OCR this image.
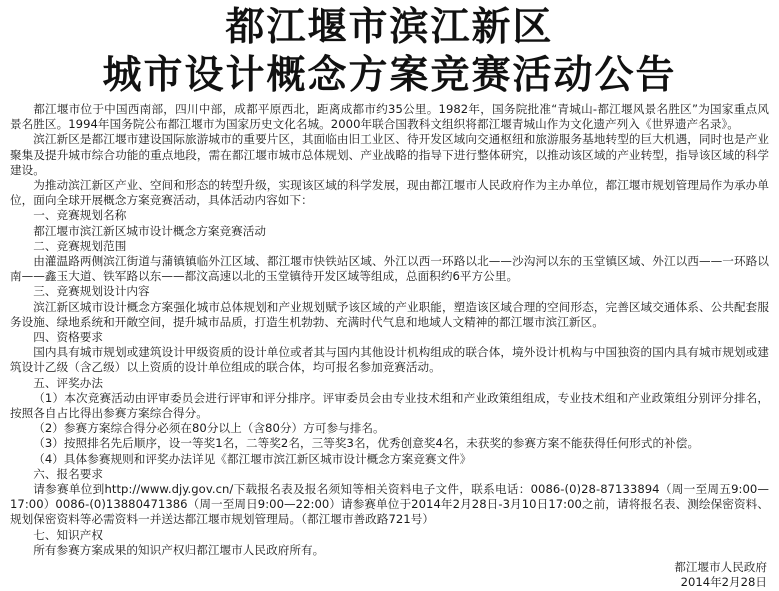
都江堰市滨江新区
城市设计概念方案竞赛活动公告

都江堰市位于中国西南部，四川中部，成都平原西北，距离成都市约35公里。1982年，国务院批准“青城山-都江堰风景名胜区”为国家重点风景名胜区。1994年国务院公布都江堰市为国家历史文化名城。2000年联合国教科文组织将都江堰青城山作为文化遗产列入《世界遗产名录》。

滨江新区是都江堰市建设国际旅游城市的重要片区，其面临由旧工业区、待开发区域向交通枢纽和旅游服务基地转型的巨大机遇，同时也是产业聚集及提升城市综合功能的重点地段，需在都江堰市城市总体规划、产业战略的指导下进行整体研究，以推动该区域的产业转型，指导该区域的科学建设。

为推动滨江新区产业、空间和形态的转型升级，实现该区域的科学发展，现由都江堰市人民政府作为主办单位，都江堰市规划管理局作为承办单位，面向全球开展概念方案竞赛活动，具体活动内容如下：

一、竞赛规划名称

都江堰市滨江新区城市设计概念方案竞赛活动

二、竞赛规划范围

由灌温路两侧滨江街道与蒲镇镇临外江区域、都江堰市快铁站区域、外江以西一环路以北——沙沟河以东的玉堂镇区域、外江以西——一环路以南——鑫玉大道、铁军路以东——都汶高速以北的玉堂镇待开发区域等组成，总面积约6平方公里。

三、竞赛规划设计内容

滨江新区城市设计概念方案强化城市总体规划和产业规划赋予该区域的产业职能，塑造该区域合理的空间形态，完善区域交通体系、公共配套服务设施、绿地系统和开敞空间，提升城市品质，打造生机勃勃、充满时代气息和地域人文精神的都江堰市滨江新区。

四、资格要求

国内具有城市规划或建筑设计甲级资质的设计单位或者其与国内其他设计机构组成的联合体，境外设计机构与中国独资的国内具有城市规划或建筑设计乙级（含乙级）以上资质的设计单位组成的联合体，均可报名参加竞赛活动。

五、评奖办法

（1）本次竞赛活动由评审委员会进行评审和评分排序。评审委员会由专业技术组和产业政策组组成，专业技术组和产业政策组分别评分排名，按照各自占比得出参赛方案综合得分。

（2）参赛方案综合得分必须在80分以上（含80分）方可参与排名。

（3）按照排名先后顺序，设一等奖1名，二等奖2名，三等奖3名，优秀创意奖4名，未获奖的参赛方案不能获得任何形式的补偿。

（4）具体参赛规则和评奖办法详见《都江堰市滨江新区城市设计概念方案竞赛文件》

六、报名要求

请参赛单位到http://www.djy.gov.cn/下载报名表及报名须知等相关资料电子文件，联系电话：0086-(0)28-87133894（周一至周五9:00—17:00）0086-(0)13880471386（周一至周日9:00—22:00）请参赛单位于2014年2月28日-3月10日17:00之前，请将报名表、测绘保密资料、规划保密资料等必需资料一并送达都江堰市规划管理局。（都江堰市善政路721号）

七、知识产权

所有参赛方案成果的知识产权归都江堰市人民政府所有。

都江堰市人民政府
2014年2月28日
